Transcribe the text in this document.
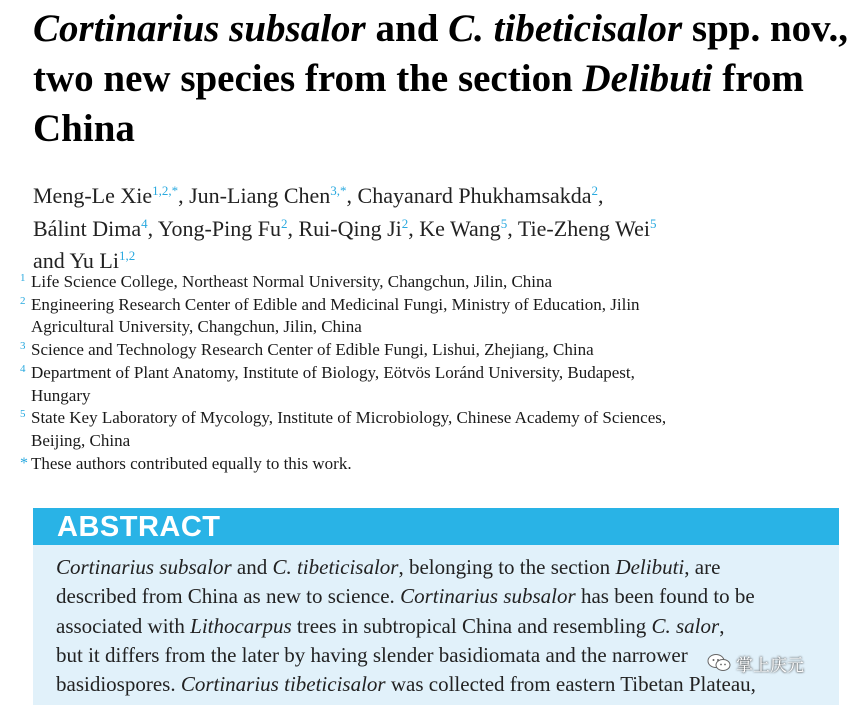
Cortinarius subsalor and C. tibeticisalor spp. nov., two new species from the section Delibuti from China
Meng-Le Xie$^{1,2,*}$, Jun-Liang Chen$^{3,*}$, Chayanard Phukhamsakda$^2$,
Bálint Dima$^4$, Yong-Ping Fu$^2$, Rui-Qing Ji$^2$, Ke Wang$^5$, Tie-Zheng Wei$^5$
and Yu Li$^{1,2}$
1 Life Science College, Northeast Normal University, Changchun, Jilin, China
2 Engineering Research Center of Edible and Medicinal Fungi, Ministry of Education, Jilin
Agricultural University, Changchun, Jilin, China
3 Science and Technology Research Center of Edible Fungi, Lishui, Zhejiang, China
4 Department of Plant Anatomy, Institute of Biology, Eötvös Loránd University, Budapest,
Hungary
5 State Key Laboratory of Mycology, Institute of Microbiology, Chinese Academy of Sciences,
Beijing, China
* These authors contributed equally to this work.
ABSTRACT

Cortinarius subsalor and C. tibeticisalor, belonging to the section Delibuti, are

described from China as new to science. Cortinarius subsalor has been found to be

associated with Lithocarpus trees in subtropical China and resembling C. salor,

but it differs from the later by having slender basidiomata and the narrower

basidiospores. Cortinarius tibeticisalor was collected from eastern Tibetan Plateau,

掌上庆元
